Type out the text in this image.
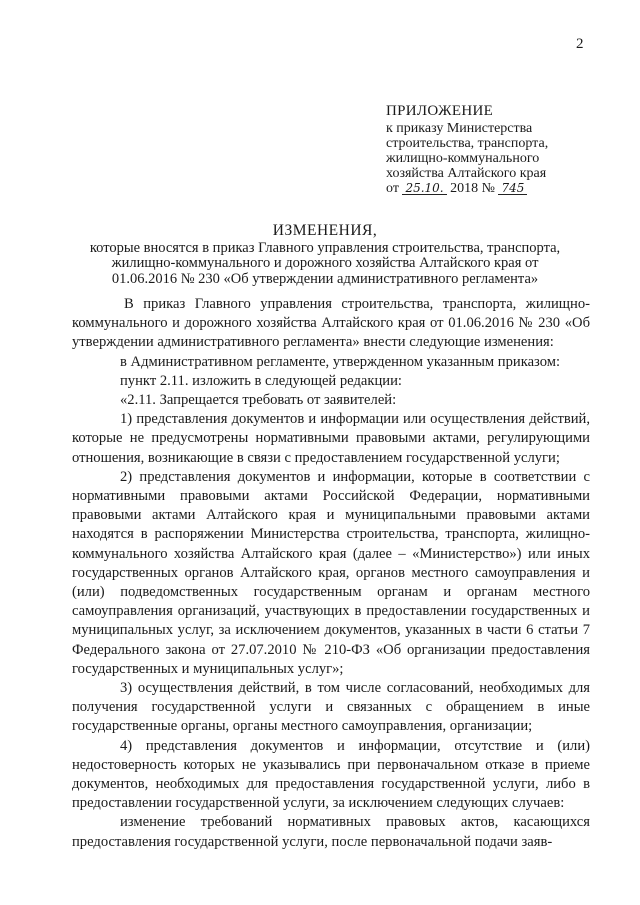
2
ПРИЛОЖЕНИЕ
к приказу Министерства
строительства, транспорта,
жилищно-коммунального
хозяйства Алтайского края
от 25.10. 2018 № 745
ИЗМЕНЕНИЯ,
которые вносятся в приказ Главного управления строительства, транспорта,
жилищно-коммунального и дорожного хозяйства Алтайского края от
01.06.2016 № 230 «Об утверждении административного регламента»

В приказ Главного управления строительства, транспорта, жилищно-коммунального и дорожного хозяйства Алтайского края от 01.06.2016 № 230 «Об утверждении административного регламента» внести следующие изменения:

в Административном регламенте, утвержденном указанным приказом:

пункт 2.11. изложить в следующей редакции:

«2.11. Запрещается требовать от заявителей:

1) представления документов и информации или осуществления действий, которые не предусмотрены нормативными правовыми актами, регулирующими отношения, возникающие в связи с предоставлением государственной услуги;

2) представления документов и информации, которые в соответствии с нормативными правовыми актами Российской Федерации, нормативными правовыми актами Алтайского края и муниципальными правовыми актами находятся в распоряжении Министерства строительства, транспорта, жилищно-коммунального хозяйства Алтайского края (далее – «Министерство») или иных государственных органов Алтайского края, органов местного самоуправления и (или) подведомственных государственным органам и органам местного самоуправления организаций, участвующих в предоставлении государственных и муниципальных услуг, за исключением документов, указанных в части 6 статьи 7 Федерального закона от 27.07.2010 № 210-ФЗ «Об организации предоставления государственных и муниципальных услуг»;

3) осуществления действий, в том числе согласований, необходимых для получения государственной услуги и связанных с обращением в иные государственные органы, органы местного самоуправления, организации;

4) представления документов и информации, отсутствие и (или) недостоверность которых не указывались при первоначальном отказе в приеме документов, необходимых для предоставления государственной услуги, либо в предоставлении государственной услуги, за исключением следующих случаев:

изменение требований нормативных правовых актов, касающихся предоставления государственной услуги, после первоначальной подачи заяв-
